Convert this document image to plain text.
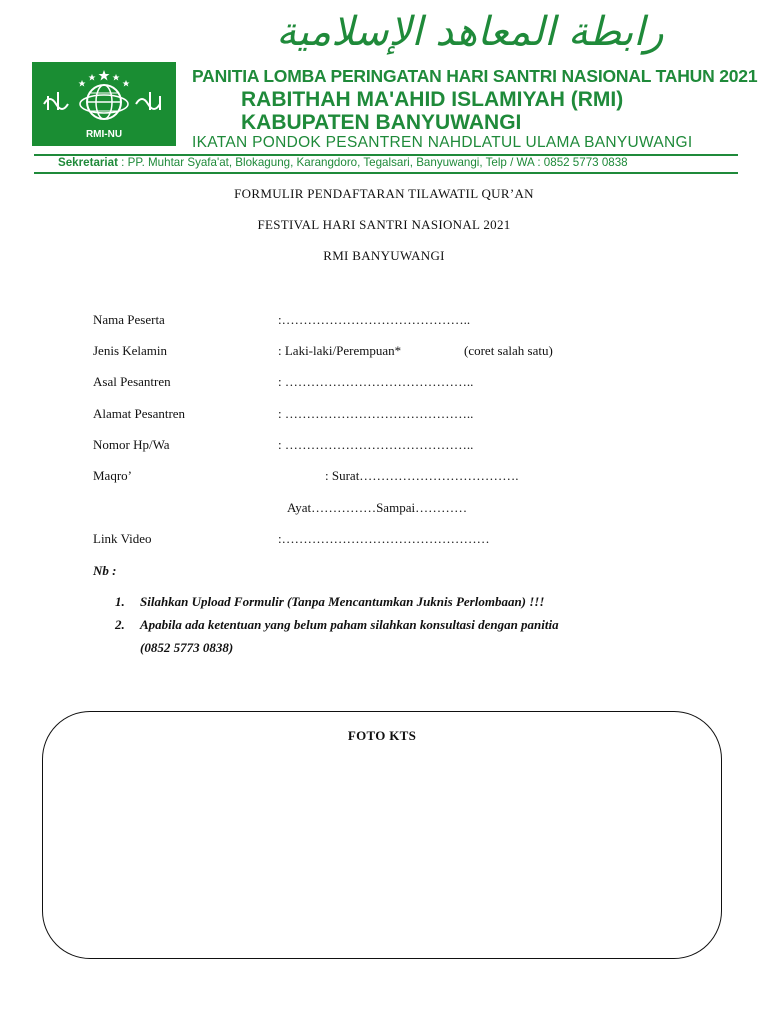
رابطة المعاهد الإسلامية
RMI-NU
PANITIA LOMBA PERINGATAN HARI SANTRI NASIONAL TAHUN 2021
RABITHAH MA'AHID ISLAMIYAH (RMI)
KABUPATEN BANYUWANGI
IKATAN PONDOK PESANTREN NAHDLATUL ULAMA BANYUWANGI
Sekretariat : PP. Muhtar Syafa'at, Blokagung, Karangdoro, Tegalsari, Banyuwangi, Telp / WA : 0852 5773 0838
FORMULIR PENDAFTARAN TILAWATIL QUR’AN
FESTIVAL HARI SANTRI NASIONAL 2021
RMI BANYUWANGI
Nama Peserta	:……………………………………..
Jenis Kelamin	: Laki-laki/Perempuan*	(coret salah satu)
Asal Pesantren	: ……………………………………..
Alamat Pesantren	: ……………………………………..
Nomor Hp/Wa	: ……………………………………..
Maqro’	: Surat……………………………….
Ayat……………Sampai…………
Link Video	:…………………………………………
Nb :
1. Silahkan Upload Formulir (Tanpa Mencantumkan Juknis Perlombaan) !!!
2. Apabila ada ketentuan yang belum paham silahkan konsultasi dengan panitia
(0852 5773 0838)
FOTO KTS
